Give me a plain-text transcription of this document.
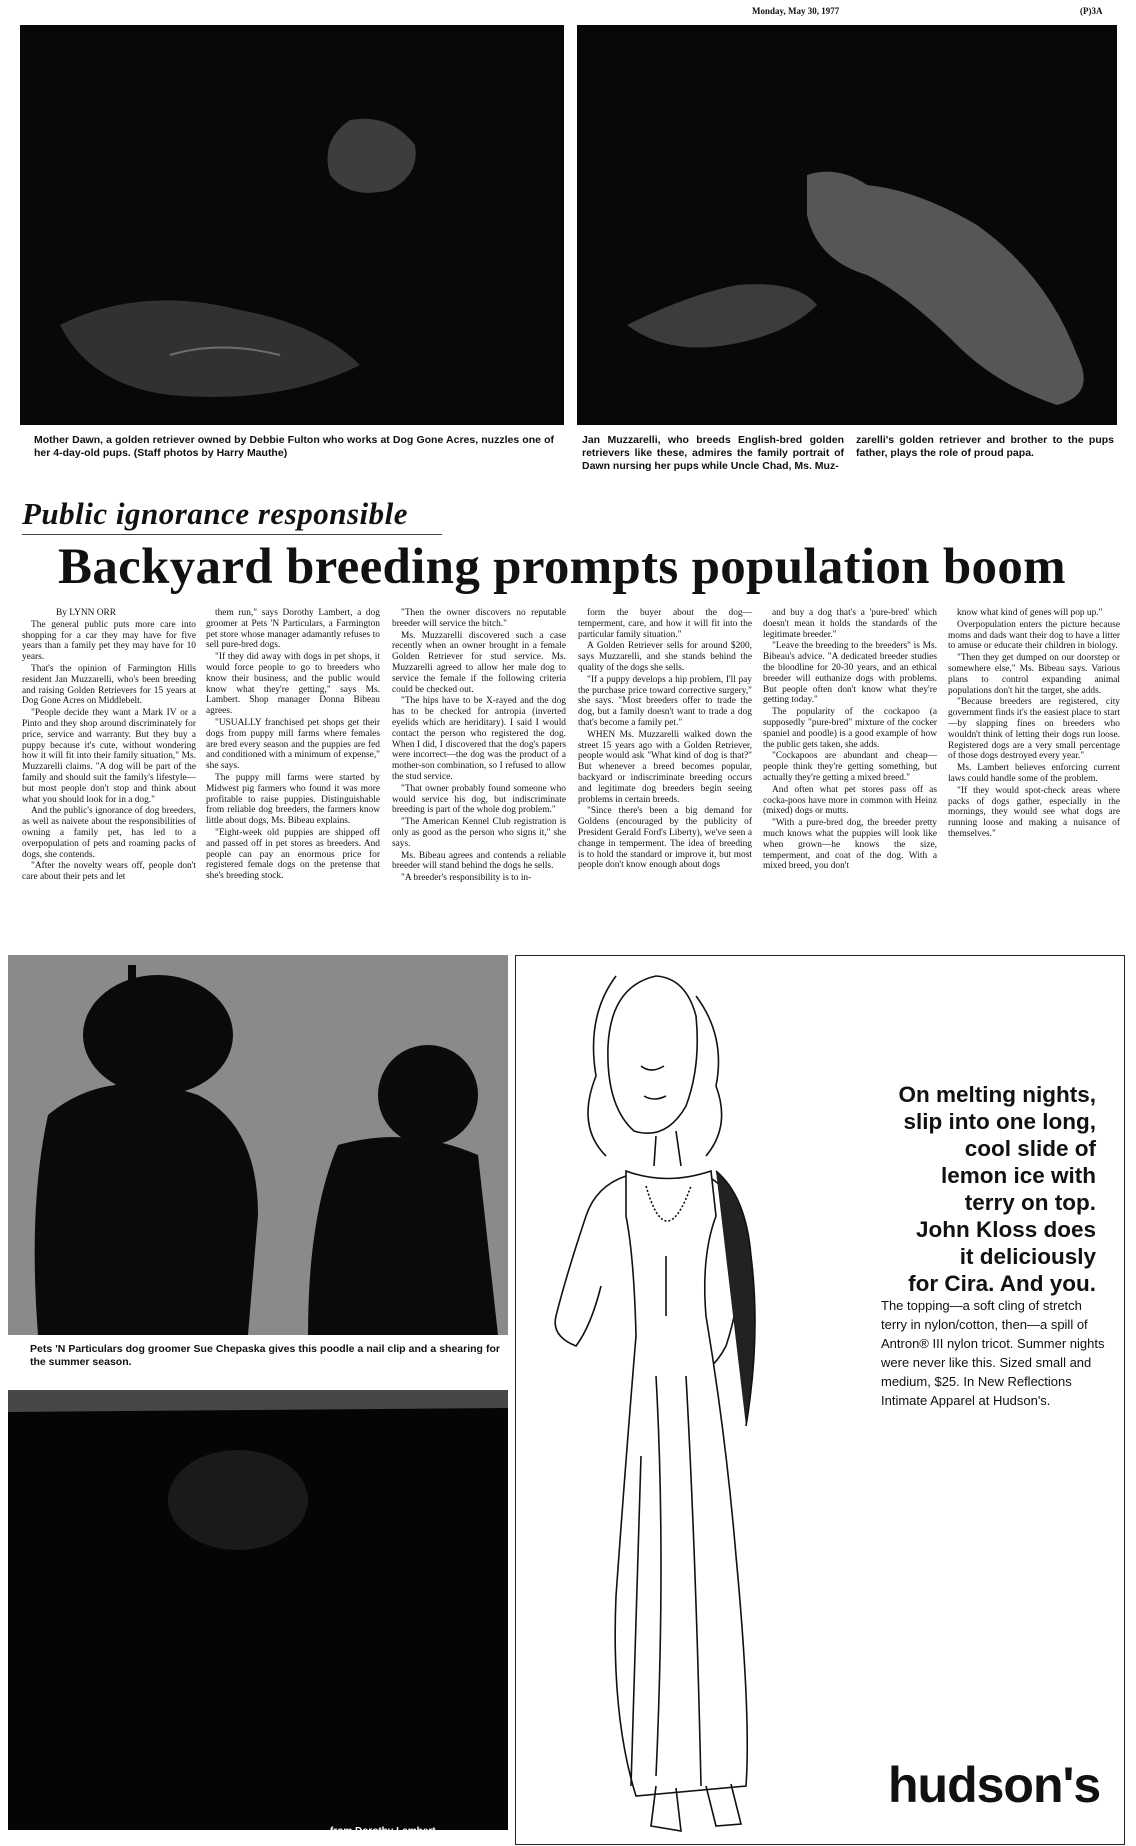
Monday, May 30, 1977	(P)3A
Mother Dawn, a golden retriever owned by Debbie Fulton who works at Dog Gone Acres, nuzzles one of her 4-day-old pups. (Staff photos by Harry Mauthe)
Jan Muzzarelli, who breeds English-bred golden retrievers like these, admires the family portrait of Dawn nursing her pups while Uncle Chad, Ms. Muz-
zarelli's golden retriever and brother to the pups father, plays the role of proud papa.
Public ignorance responsible
Backyard breeding prompts population boom

By LYNN ORR

The general public puts more care into shopping for a car they may have for five years than a family pet they may have for 10 years.

That's the opinion of Farmington Hills resident Jan Muzzarelli, who's been breeding and raising Golden Retrievers for 15 years at Dog Gone Acres on Middlebelt.

"People decide they want a Mark IV or a Pinto and they shop around discriminately for price, service and warranty. But they buy a puppy because it's cute, without wondering how it will fit into their family situation," Ms. Muzzarelli claims. "A dog will be part of the family and should suit the family's lifestyle—but most people don't stop and think about what you should look for in a dog."

And the public's ignorance of dog breeders, as well as naivete about the responsibilities of owning a family pet, has led to a overpopulation of pets and roaming packs of dogs, she contends.

"After the novelty wears off, people don't care about their pets and let

them run," says Dorothy Lambert, a dog groomer at Pets 'N Particulars, a Farmington pet store whose manager adamantly refuses to sell pure-bred dogs.

"If they did away with dogs in pet shops, it would force people to go to breeders who know their business, and the public would know what they're getting," says Ms. Lambert. Shop manager Donna Bibeau agrees.

"USUALLY franchised pet shops get their dogs from puppy mill farms where females are bred every season and the puppies are fed and conditioned with a minimum of expense," she says.

The puppy mill farms were started by Midwest pig farmers who found it was more profitable to raise puppies. Distinguishable from reliable dog breeders, the farmers know little about dogs, Ms. Bibeau explains.

"Eight-week old puppies are shipped off and passed off in pet stores as breeders. And people can pay an enormous price for registered female dogs on the pretense that she's breeding stock.

"Then the owner discovers no reputable breeder will service the bitch."

Ms. Muzzarelli discovered such a case recently when an owner brought in a female Golden Retriever for stud service. Ms. Muzzarelli agreed to allow her male dog to service the female if the following criteria could be checked out.

"The hips have to be X-rayed and the dog has to be checked for antropia (inverted eyelids which are heriditary). I said I would contact the person who registered the dog. When I did, I discovered that the dog's papers were incorrect—the dog was the product of a mother-son combination, so I refused to allow the stud service.

"That owner probably found someone who would service his dog, but indiscriminate breeding is part of the whole dog problem."

"The American Kennel Club registration is only as good as the person who signs it," she says.

Ms. Bibeau agrees and contends a reliable breeder will stand behind the dogs he sells.

"A breeder's responsibility is to in-

form the buyer about the dog—temperment, care, and how it will fit into the particular family situation."

A Golden Retriever sells for around $200, says Muzzarelli, and she stands behind the quality of the dogs she sells.

"If a puppy develops a hip problem, I'll pay the purchase price toward corrective surgery," she says. "Most breeders offer to trade the dog, but a family doesn't want to trade a dog that's become a family pet."

WHEN Ms. Muzzarelli walked down the street 15 years ago with a Golden Retriever, people would ask "What kind of dog is that?" But whenever a breed becomes popular, backyard or indiscriminate breeding occurs and legitimate dog breeders begin seeing problems in certain breeds.

"Since there's been a big demand for Goldens (encouraged by the publicity of President Gerald Ford's Liberty), we've seen a change in temperment. The idea of breeding is to hold the standard or improve it, but most people don't know enough about dogs

and buy a dog that's a 'pure-bred' which doesn't mean it holds the standards of the legitimate breeder."

"Leave the breeding to the breeders" is Ms. Bibeau's advice. "A dedicated breeder studies the bloodline for 20-30 years, and an ethical breeder will euthanize dogs with problems. But people often don't know what they're getting today."

The popularity of the cockapoo (a supposedly "pure-bred" mixture of the cocker spaniel and poodle) is a good example of how the public gets taken, she adds.

"Cockapoos are abundant and cheap—people think they're getting something, but actually they're getting a mixed breed."

And often what pet stores pass off as cocka-poos have more in common with Heinz (mixed) dogs or mutts.

"With a pure-bred dog, the breeder pretty much knows what the puppies will look like when grown—he knows the size, temperment, and coat of the dog. With a mixed breed, you don't

know what kind of genes will pop up."

Overpopulation enters the picture because moms and dads want their dog to have a litter to amuse or educate their children in biology.

"Then they get dumped on our doorstep or somewhere else," Ms. Bibeau says. Various plans to control expanding animal populations don't hit the target, she adds.

"Because breeders are registered, city government finds it's the easiest place to start—by slapping fines on breeders who wouldn't think of letting their dogs run loose. Registered dogs are a very small percentage of those dogs destroyed every year."

Ms. Lambert believes enforcing current laws could handle some of the problem.

"If they would spot-check areas where packs of dogs gather, especially in the mornings, they would see what dogs are running loose and making a nuisance of themselves."

Pets 'N Particulars dog groomer Sue Chepaska gives this poodle a nail clip and a shearing for the summer season.
from Dorothy Lambert.
On melting nights,
slip into one long,
cool slide of
lemon ice with
terry on top.
John Kloss does
it deliciously
for Cira. And you.
The topping—a soft cling of stretch terry in nylon/cotton, then—a spill of Antron® III nylon tricot. Summer nights were never like this. Sized small and medium, $25. In New Reflections Intimate Apparel at Hudson's.
hudson's
